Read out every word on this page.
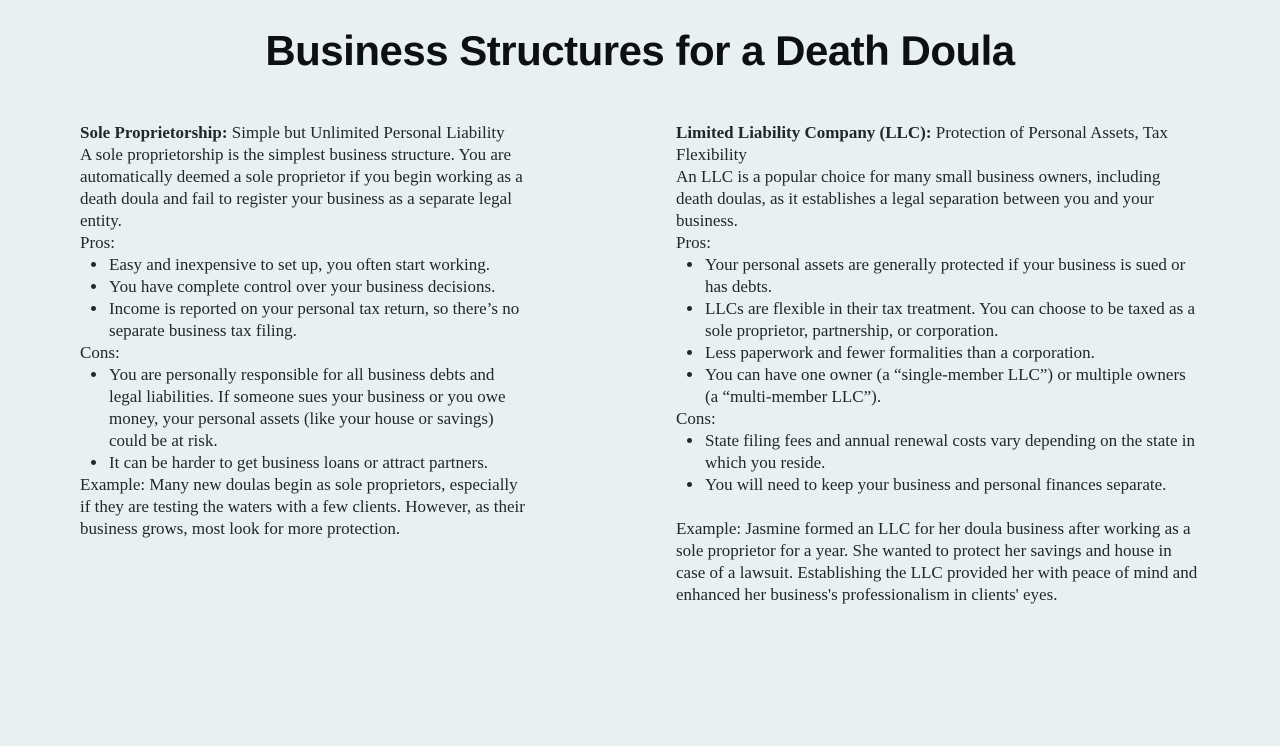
Business Structures for a Death Doula

Sole Proprietorship: Simple but Unlimited Personal Liability

A sole proprietorship is the simplest business structure. You are automatically deemed a sole proprietor if you begin working as a death doula and fail to register your business as a separate legal entity.

Pros:

• Easy and inexpensive to set up, you often start working.
• You have complete control over your business decisions.
• Income is reported on your personal tax return, so there’s no separate business tax filing.

Cons:

• You are personally responsible for all business debts and legal liabilities. If someone sues your business or you owe money, your personal assets (like your house or savings) could be at risk.
• It can be harder to get business loans or attract partners.

Example: Many new doulas begin as sole proprietors, especially if they are testing the waters with a few clients. However, as their business grows, most look for more protection.

Limited Liability Company (LLC): Protection of Personal Assets, Tax Flexibility

An LLC is a popular choice for many small business owners, including death doulas, as it establishes a legal separation between you and your business.

Pros:

• Your personal assets are generally protected if your business is sued or has debts.
• LLCs are flexible in their tax treatment. You can choose to be taxed as a sole proprietor, partnership, or corporation.
• Less paperwork and fewer formalities than a corporation.
• You can have one owner (a “single-member LLC”) or multiple owners (a “multi-member LLC”).

Cons:

• State filing fees and annual renewal costs vary depending on the state in which you reside.
• You will need to keep your business and personal finances separate.

Example: Jasmine formed an LLC for her doula business after working as a sole proprietor for a year. She wanted to protect her savings and house in case of a lawsuit. Establishing the LLC provided her with peace of mind and enhanced her business's professionalism in clients' eyes.
